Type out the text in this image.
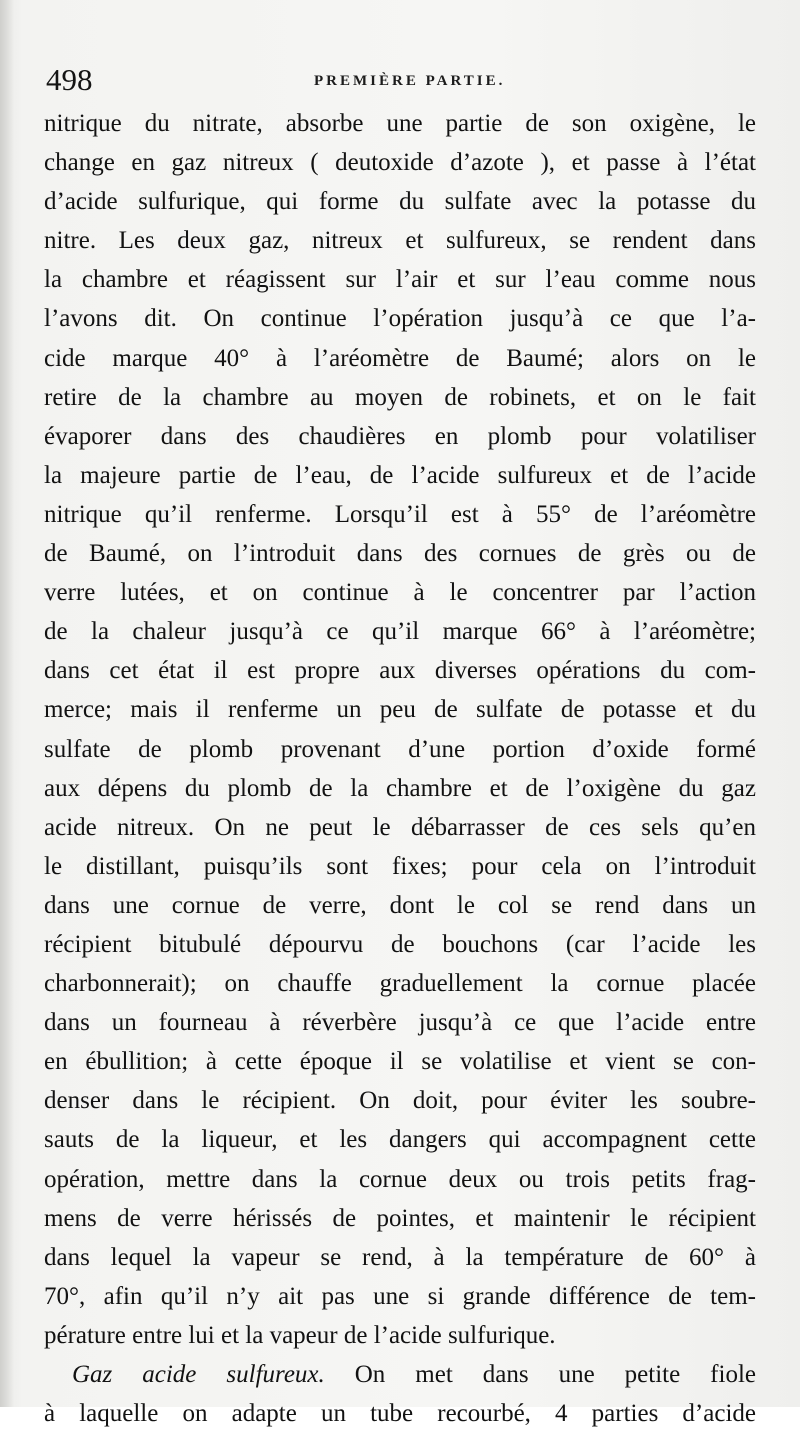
498	PREMIÈRE PARTIE.
nitrique du nitrate, absorbe une partie de son oxigène, le
change en gaz nitreux ( deutoxide d’azote ), et passe à l’état
d’acide sulfurique, qui forme du sulfate avec la potasse du
nitre. Les deux gaz, nitreux et sulfureux, se rendent dans
la chambre et réagissent sur l’air et sur l’eau comme nous
l’avons dit. On continue l’opération jusqu’à ce que l’a-
cide marque 40° à l’aréomètre de Baumé; alors on le
retire de la chambre au moyen de robinets, et on le fait
évaporer dans des chaudières en plomb pour volatiliser
la majeure partie de l’eau, de l’acide sulfureux et de l’acide
nitrique qu’il renferme. Lorsqu’il est à 55° de l’aréomètre
de Baumé, on l’introduit dans des cornues de grès ou de
verre lutées, et on continue à le concentrer par l’action
de la chaleur jusqu’à ce qu’il marque 66° à l’aréomètre;
dans cet état il est propre aux diverses opérations du com-
merce; mais il renferme un peu de sulfate de potasse et du
sulfate de plomb provenant d’une portion d’oxide formé
aux dépens du plomb de la chambre et de l’oxigène du gaz
acide nitreux. On ne peut le débarrasser de ces sels qu’en
le distillant, puisqu’ils sont fixes; pour cela on l’introduit
dans une cornue de verre, dont le col se rend dans un
récipient bitubulé dépourvu de bouchons (car l’acide les
charbonnerait); on chauffe graduellement la cornue placée
dans un fourneau à réverbère jusqu’à ce que l’acide entre
en ébullition; à cette époque il se volatilise et vient se con-
denser dans le récipient. On doit, pour éviter les soubre-
sauts de la liqueur, et les dangers qui accompagnent cette
opération, mettre dans la cornue deux ou trois petits frag-
mens de verre hérissés de pointes, et maintenir le récipient
dans lequel la vapeur se rend, à la température de 60° à
70°, afin qu’il n’y ait pas une si grande différence de tem-
pérature entre lui et la vapeur de l’acide sulfurique.
Gaz acide sulfureux. On met dans une petite fiole
à laquelle on adapte un tube recourbé, 4 parties d’acide
